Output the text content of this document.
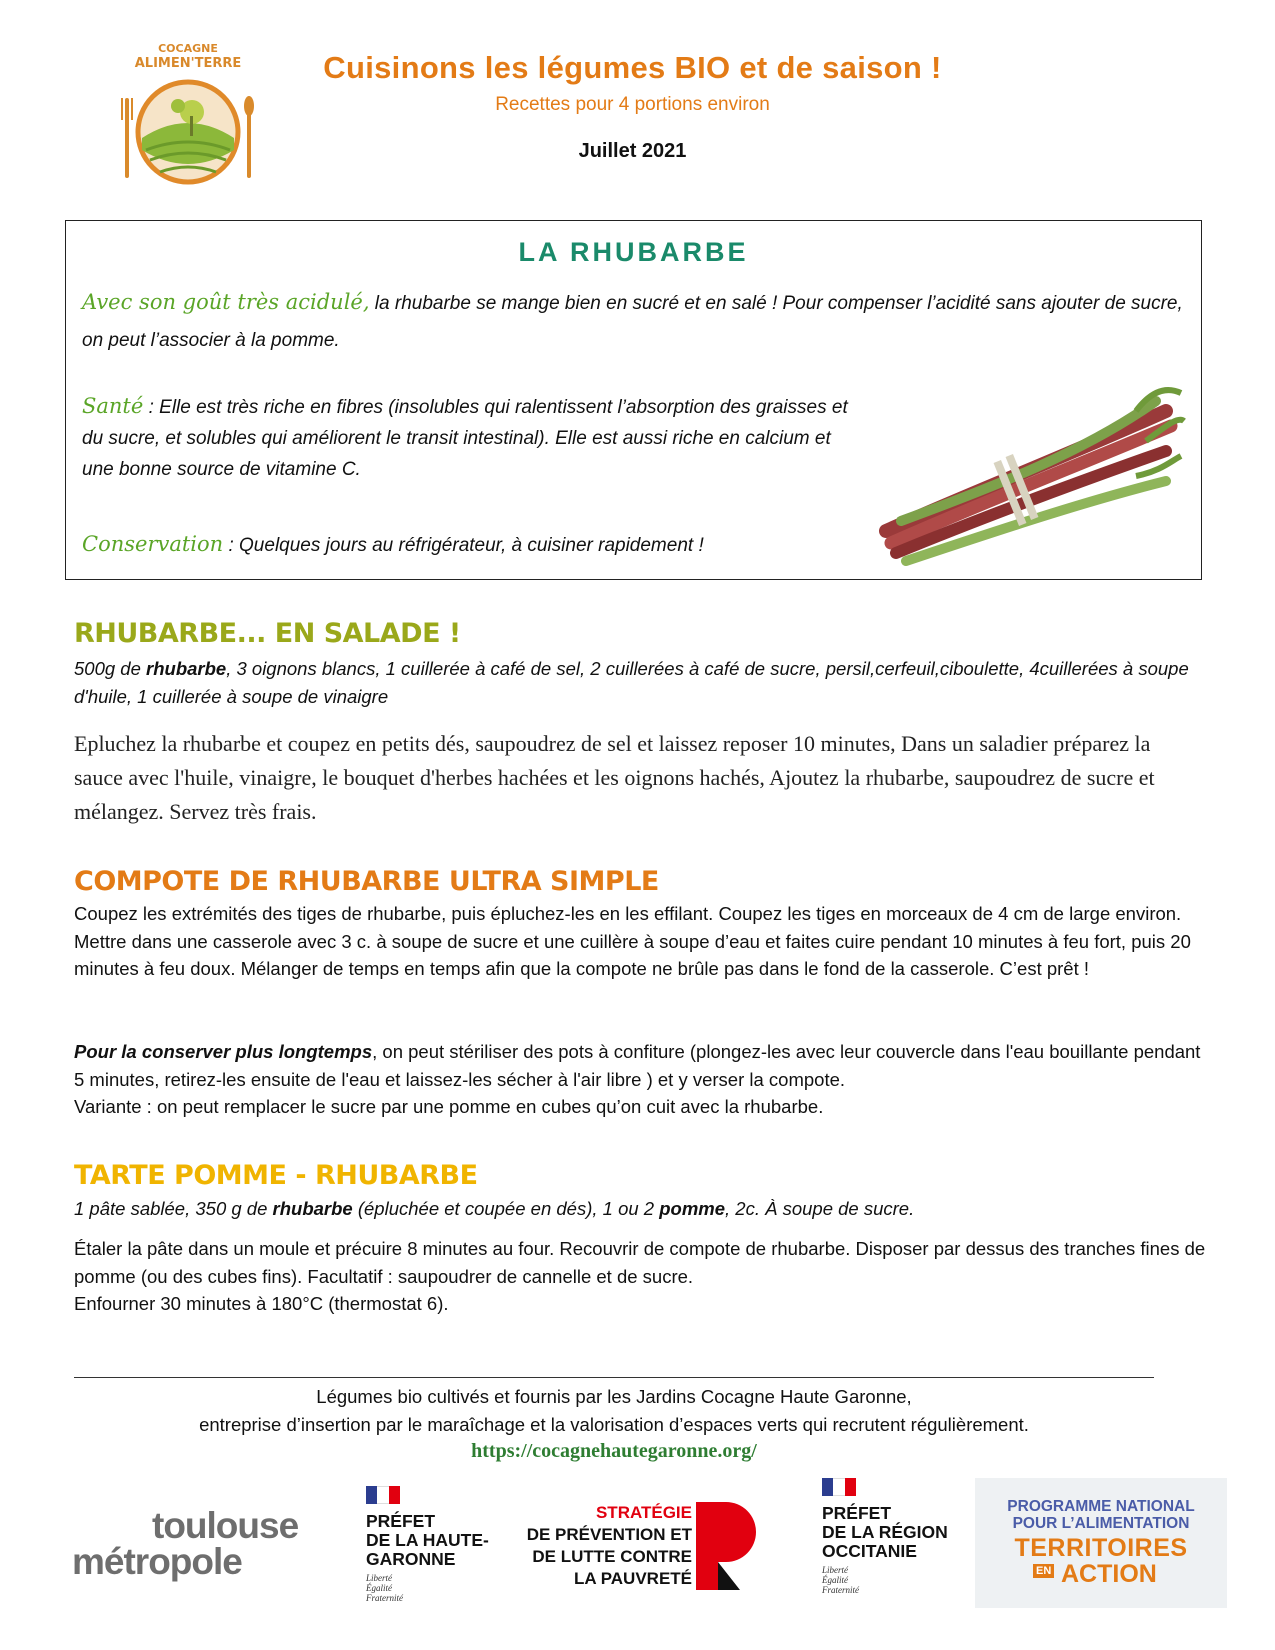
COCAGNE
ALIMEN'TERRE	Cuisinons les légumes BIO et de saison !
Recettes pour 4 portions environ
Juillet 2021
LA RHUBARBE
Avec son goût très acidulé, la rhubarbe se mange bien en sucré et en salé ! Pour compenser l’acidité sans ajouter de sucre, on peut l’associer à la pomme.
Santé : Elle est très riche en fibres (insolubles qui ralentissent l’absorption des graisses et du sucre, et solubles qui améliorent le transit intestinal). Elle est aussi riche en calcium et une bonne source de vitamine C.
Conservation : Quelques jours au réfrigérateur, à cuisiner rapidement !
RHUBARBE... EN SALADE !
500g de rhubarbe, 3 oignons blancs, 1 cuillerée à café de sel, 2 cuillerées à café de sucre, persil,cerfeuil,ciboulette, 4cuillerées à soupe d'huile, 1 cuillerée à soupe de vinaigre
Epluchez la rhubarbe et coupez en petits dés, saupoudrez de sel et laissez reposer 10 minutes, Dans un saladier préparez la sauce avec l'huile, vinaigre, le bouquet d'herbes hachées et les oignons hachés, Ajoutez la rhubarbe, saupoudrez de sucre et mélangez. Servez très frais.
COMPOTE DE RHUBARBE ULTRA SIMPLE
Coupez les extrémités des tiges de rhubarbe, puis épluchez-les en les effilant. Coupez les tiges en morceaux de 4 cm de large environ. Mettre dans une casserole avec 3 c. à soupe de sucre et une cuillère à soupe d’eau et faites cuire pendant 10 minutes à feu fort, puis 20 minutes à feu doux. Mélanger de temps en temps afin que la compote ne brûle pas dans le fond de la casserole. C’est prêt !
Pour la conserver plus longtemps, on peut stériliser des pots à confiture (plongez-les avec leur couvercle dans l'eau bouillante pendant 5 minutes, retirez-les ensuite de l'eau et laissez-les sécher à l'air libre ) et y verser la compote.
Variante : on peut remplacer le sucre par une pomme en cubes qu’on cuit avec la rhubarbe.
TARTE POMME - RHUBARBE
1 pâte sablée, 350 g de rhubarbe (épluchée et coupée en dés), 1 ou 2 pomme, 2c. À soupe de sucre.
Étaler la pâte dans un moule et précuire 8 minutes au four. Recouvrir de compote de rhubarbe. Disposer par dessus des tranches fines de pomme (ou des cubes fins). Facultatif : saupoudrer de cannelle et de sucre.
Enfourner 30 minutes à 180°C (thermostat 6).
Légumes bio cultivés et fournis par les Jardins Cocagne Haute Garonne,
entreprise d’insertion par le maraîchage et la valorisation d’espaces verts qui recrutent régulièrement.
https://cocagnehautegaronne.org/
toulouse
métropole
PRÉFET
DE LA HAUTE-
GARONNE
Liberté
Égalité
Fraternité
STRATÉGIE
DE PRÉVENTION ET
DE LUTTE CONTRE
LA PAUVRETÉ
PRÉFET
DE LA RÉGION
OCCITANIE
Liberté
Égalité
Fraternité
PROGRAMME NATIONAL
POUR L’ALIMENTATION
TERRITOIRES
EN ACTION
